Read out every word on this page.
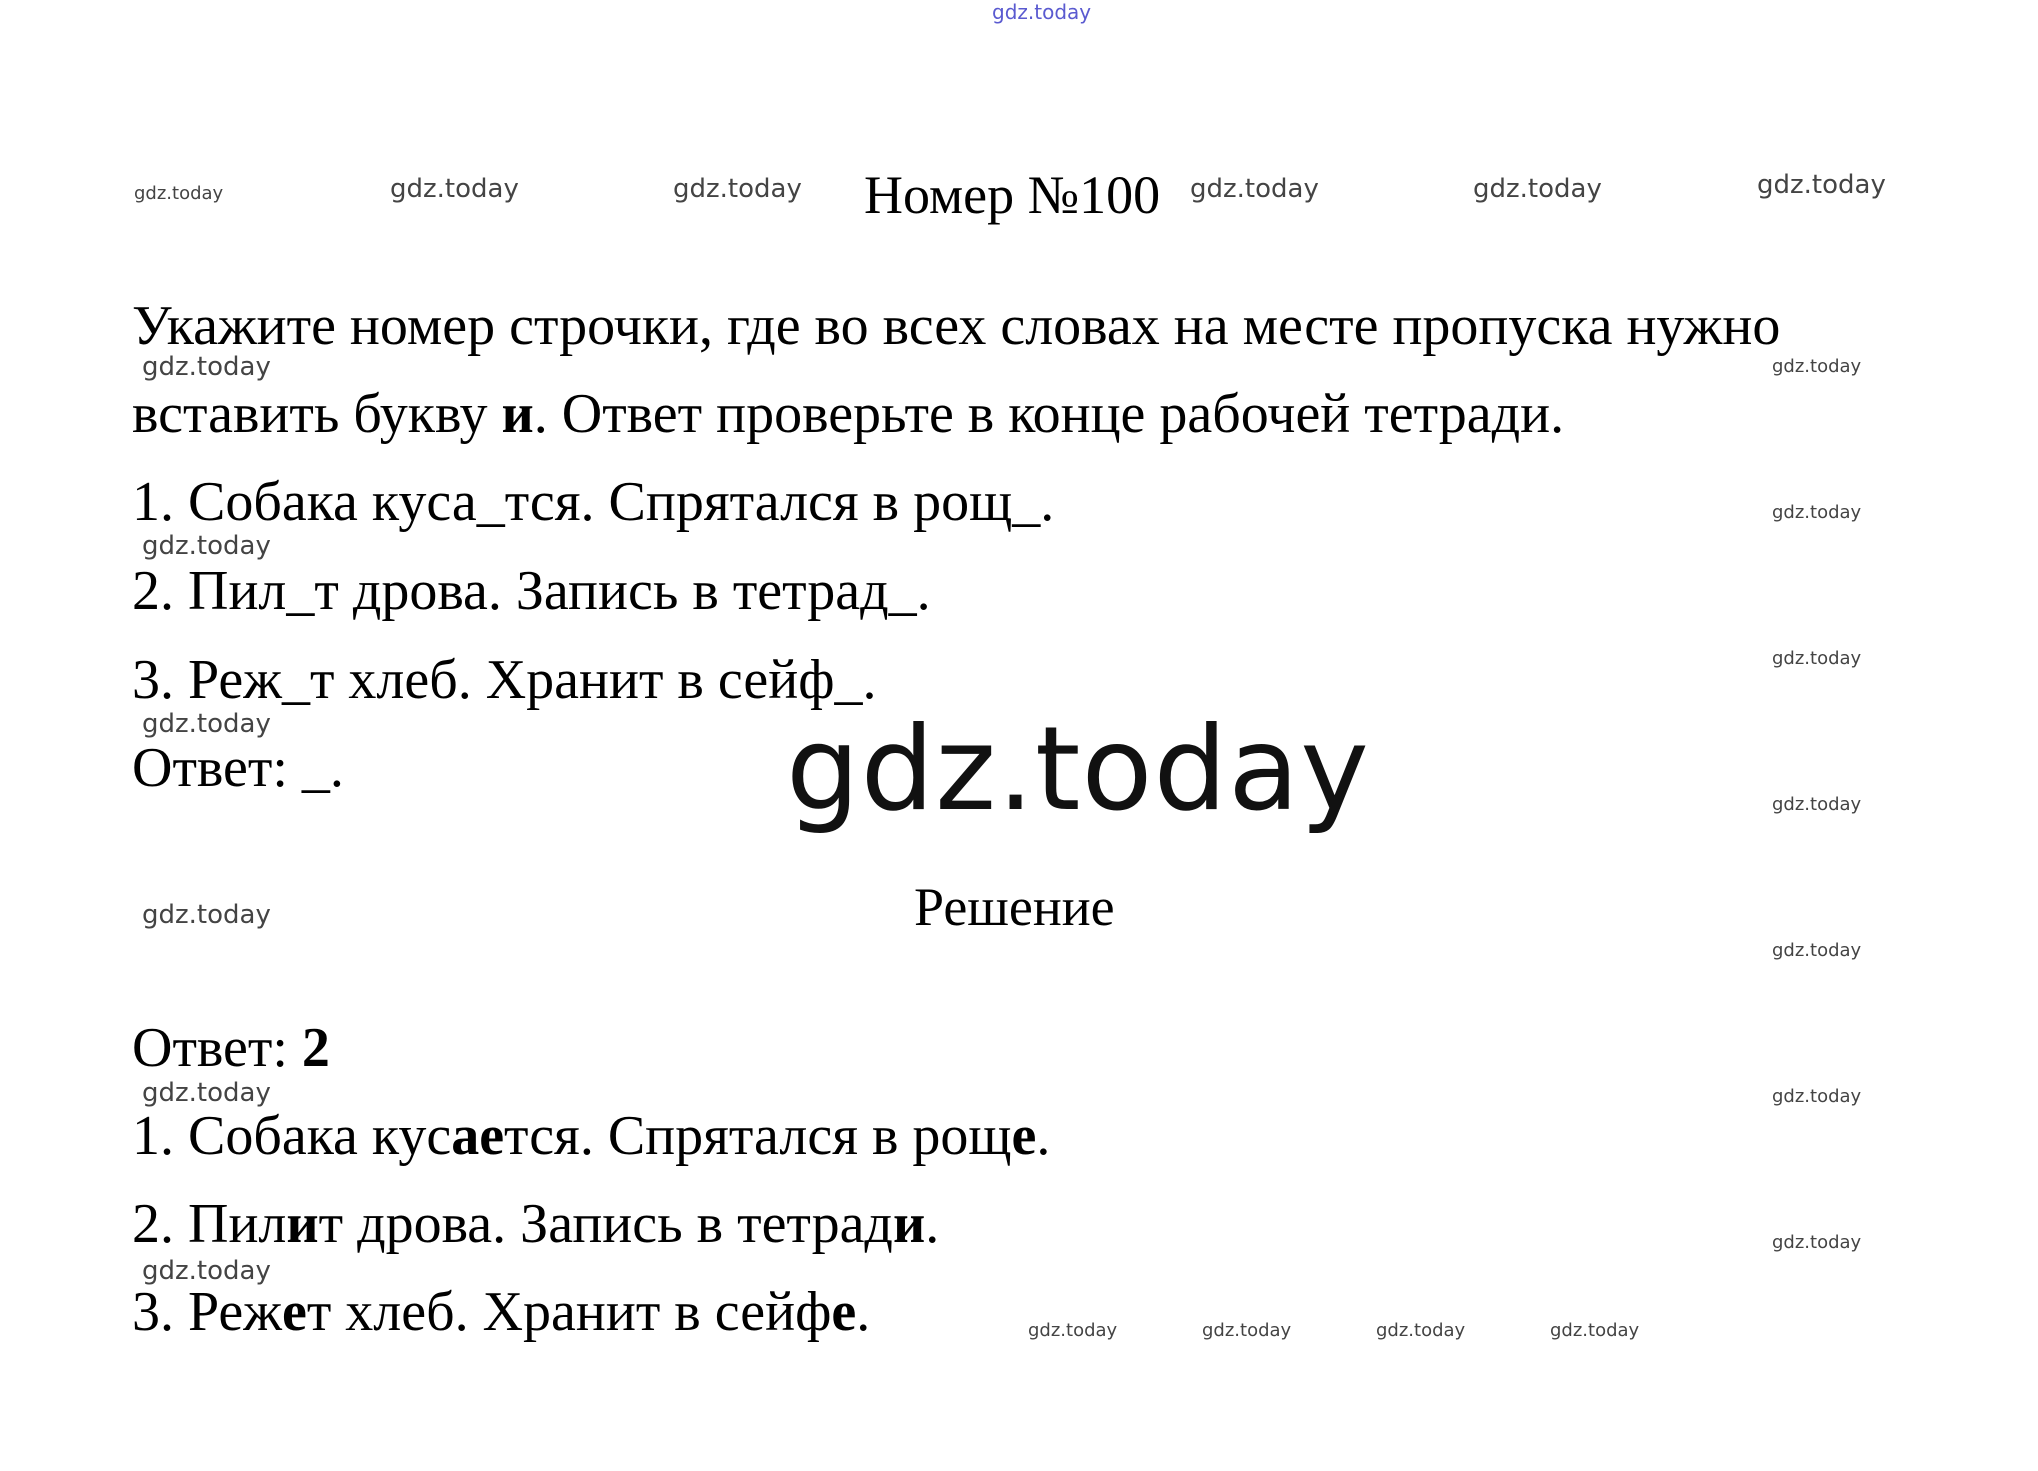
gdz.today
gdz.today	gdz.today	gdz.today	gdz.today	gdz.today	gdz.today
gdz.today	gdz.today
gdz.today
gdz.today
gdz.today
gdz.today	gdz.today	gdz.today
gdz.today
gdz.today
gdz.today	gdz.today
gdz.today
gdz.today
gdz.today	gdz.today	gdz.today	gdz.today
Номер №100
Укажите номер строчки, где во всех словах на месте пропуска нужно
вставить букву и. Ответ проверьте в конце рабочей тетради.
1. Собака куса_тся. Спрятался в рощ_.
2. Пил_т дрова. Запись в тетрад_.
3. Реж_т хлеб. Хранит в сейф_.
Ответ: _.
Решение
Ответ: 2
1. Собака кусается. Спрятался в роще.
2. Пилит дрова. Запись в тетради.
3. Режет хлеб. Хранит в сейфе.
